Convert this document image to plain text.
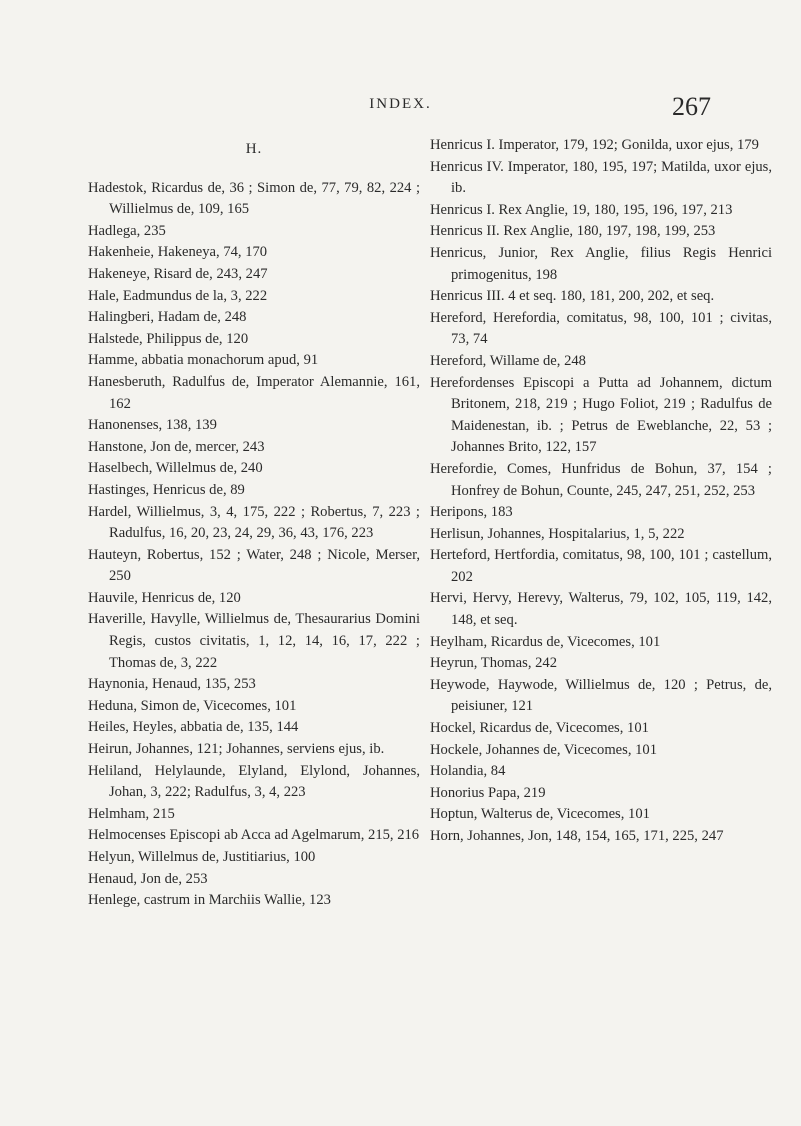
INDEX.	267
H.
Hadestok, Ricardus de, 36 ; Simon de, 77, 79, 82, 224 ; Willielmus de, 109, 165
Hadlega, 235
Hakenheie, Hakeneya, 74, 170
Hakeneye, Risard de, 243, 247
Hale, Eadmundus de la, 3, 222
Halingberi, Hadam de, 248
Halstede, Philippus de, 120
Hamme, abbatia monachorum apud, 91
Hanesberuth, Radulfus de, Imperator Alemannie, 161, 162
Hanonenses, 138, 139
Hanstone, Jon de, mercer, 243
Haselbech, Willelmus de, 240
Hastinges, Henricus de, 89
Hardel, Willielmus, 3, 4, 175, 222 ; Robertus, 7, 223 ; Radulfus, 16, 20, 23, 24, 29, 36, 43, 176, 223
Hauteyn, Robertus, 152 ; Water, 248 ; Nicole, Merser, 250
Hauvile, Henricus de, 120
Haverille, Havylle, Willielmus de, Thesaurarius Domini Regis, custos civitatis, 1, 12, 14, 16, 17, 222 ; Thomas de, 3, 222
Haynonia, Henaud, 135, 253
Heduna, Simon de, Vicecomes, 101
Heiles, Heyles, abbatia de, 135, 144
Heirun, Johannes, 121; Johannes, serviens ejus, ib.
Heliland, Helylaunde, Elyland, Elylond, Johannes, Johan, 3, 222; Radulfus, 3, 4, 223
Helmham, 215
Helmocenses Episcopi ab Acca ad Agelmarum, 215, 216
Helyun, Willelmus de, Justitiarius, 100
Henaud, Jon de, 253
Henlege, castrum in Marchiis Wallie, 123
Henricus I. Imperator, 179, 192; Gonilda, uxor ejus, 179
Henricus IV. Imperator, 180, 195, 197; Matilda, uxor ejus, ib.
Henricus I. Rex Anglie, 19, 180, 195, 196, 197, 213
Henricus II. Rex Anglie, 180, 197, 198, 199, 253
Henricus, Junior, Rex Anglie, filius Regis Henrici primogenitus, 198
Henricus III. 4 et seq. 180, 181, 200, 202, et seq.
Hereford, Herefordia, comitatus, 98, 100, 101 ; civitas, 73, 74
Hereford, Willame de, 248
Herefordenses Episcopi a Putta ad Johannem, dictum Britonem, 218, 219 ; Hugo Foliot, 219 ; Radulfus de Maidenestan, ib. ; Petrus de Eweblanche, 22, 53 ; Johannes Brito, 122, 157
Herefordie, Comes, Hunfridus de Bohun, 37, 154 ; Honfrey de Bohun, Counte, 245, 247, 251, 252, 253
Heripons, 183
Herlisun, Johannes, Hospitalarius, 1, 5, 222
Herteford, Hertfordia, comitatus, 98, 100, 101 ; castellum, 202
Hervi, Hervy, Herevy, Walterus, 79, 102, 105, 119, 142, 148, et seq.
Heylham, Ricardus de, Vicecomes, 101
Heyrun, Thomas, 242
Heywode, Haywode, Willielmus de, 120 ; Petrus, de, peisiuner, 121
Hockel, Ricardus de, Vicecomes, 101
Hockele, Johannes de, Vicecomes, 101
Holandia, 84
Honorius Papa, 219
Hoptun, Walterus de, Vicecomes, 101
Horn, Johannes, Jon, 148, 154, 165, 171, 225, 247
